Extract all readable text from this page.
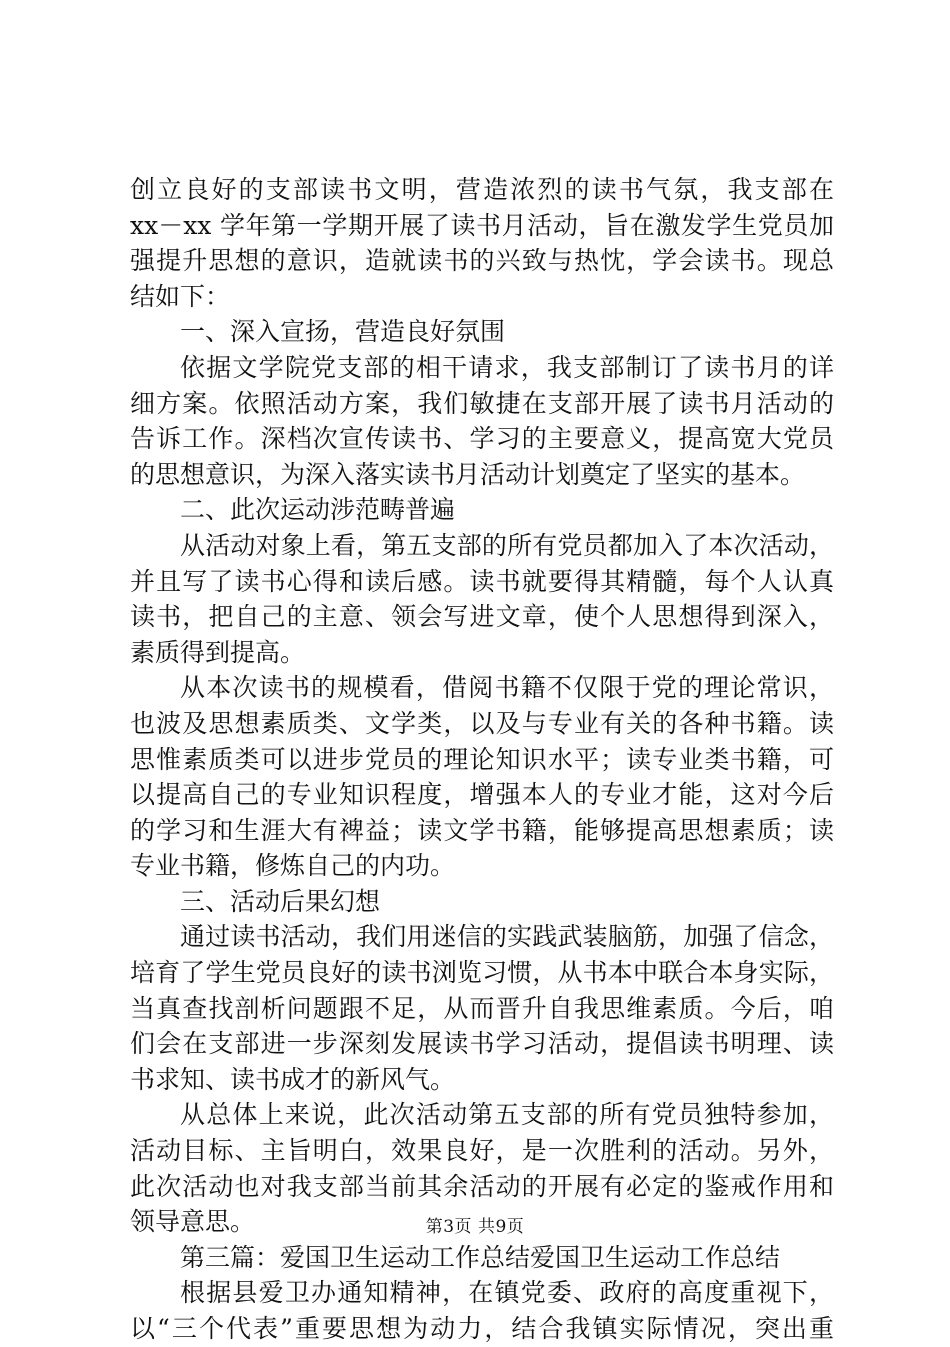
创立良好的支部读书文明，营造浓烈的读书气氛，我支部在
xx－xx 学年第一学期开展了读书月活动，旨在激发学生党员加
强提升思想的意识，造就读书的兴致与热忱，学会读书。现总
结如下：
一、深入宣扬，营造良好氛围
依据文学院党支部的相干请求，我支部制订了读书月的详
细方案。依照活动方案，我们敏捷在支部开展了读书月活动的
告诉工作。深档次宣传读书、学习的主要意义，提高宽大党员
的思想意识，为深入落实读书月活动计划奠定了坚实的基本。
二、此次运动涉范畴普遍
从活动对象上看，第五支部的所有党员都加入了本次活动，
并且写了读书心得和读后感。读书就要得其精髓，每个人认真
读书，把自己的主意、领会写进文章，使个人思想得到深入，
素质得到提高。
从本次读书的规模看，借阅书籍不仅限于党的理论常识，
也波及思想素质类、文学类，以及与专业有关的各种书籍。读
思惟素质类可以进步党员的理论知识水平；读专业类书籍，可
以提高自己的专业知识程度，增强本人的专业才能，这对今后
的学习和生涯大有裨益；读文学书籍，能够提高思想素质；读
专业书籍，修炼自己的内功。
三、活动后果幻想
通过读书活动，我们用迷信的实践武装脑筋，加强了信念，
培育了学生党员良好的读书浏览习惯，从书本中联合本身实际，
当真查找剖析问题跟不足，从而晋升自我思维素质。今后，咱
们会在支部进一步深刻发展读书学习活动，提倡读书明理、读
书求知、读书成才的新风气。
从总体上来说，此次活动第五支部的所有党员独特参加，
活动目标、主旨明白，效果良好，是一次胜利的活动。另外，
此次活动也对我支部当前其余活动的开展有必定的鉴戒作用和
领导意思。
第三篇：爱国卫生运动工作总结爱国卫生运动工作总结
根据县爱卫办通知精神，在镇党委、政府的高度重视下，
以“三个代表”重要思想为动力，结合我镇实际情况，突出重
第3页 共9页
